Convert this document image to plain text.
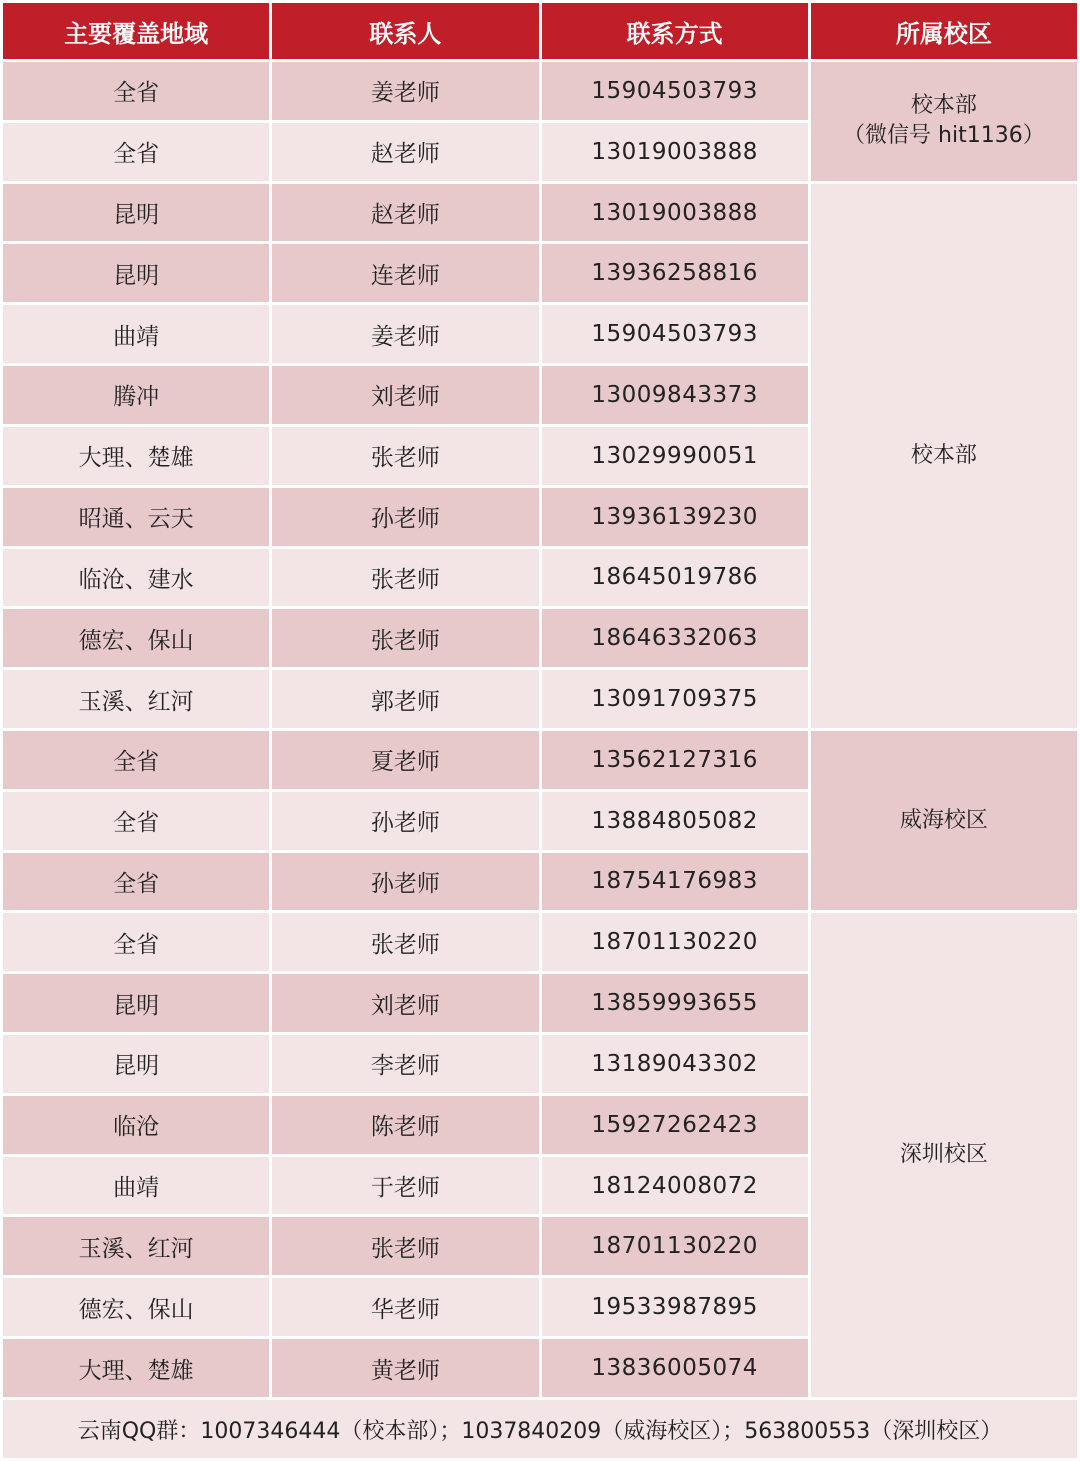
主要覆盖地域	联系人	联系方式	所属校区
全省	姜老师	15904503793	校本部
（微信号 hit1136）

全省	赵老师	13019003888	
昆明	赵老师	13019003888	校本部
昆明	连老师	13936258816	
曲靖	姜老师	15904503793	
腾冲	刘老师	13009843373	
大理、楚雄	张老师	13029990051	
昭通、云天	孙老师	13936139230	
临沧、建水	张老师	18645019786	
德宏、保山	张老师	18646332063	
玉溪、红河	郭老师	13091709375	
全省	夏老师	13562127316	威海校区
全省	孙老师	13884805082	
全省	孙老师	18754176983	
全省	张老师	18701130220	深圳校区
昆明	刘老师	13859993655	
昆明	李老师	13189043302	
临沧	陈老师	15927262423	
曲靖	于老师	18124008072	
玉溪、红河	张老师	18701130220	
德宏、保山	华老师	19533987895	
大理、楚雄	黄老师	13836005074	
云南QQ群：1007346444（校本部）；1037840209（威海校区）；563800553（深圳校区）			
